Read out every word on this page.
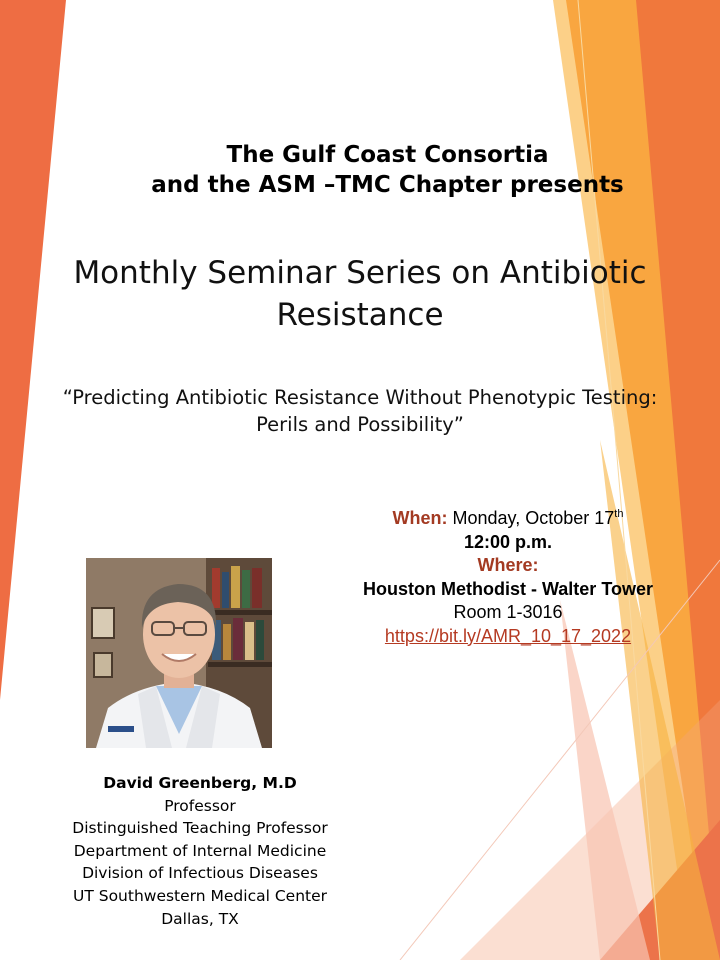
The Gulf Coast Consortia
and the ASM –TMC Chapter presents
Monthly Seminar Series on Antibiotic Resistance
“Predicting Antibiotic Resistance Without Phenotypic Testing: Perils and Possibility”
When: Monday, October 17th
12:00 p.m.
Where:
Houston Methodist - Walter Tower
Room 1-3016
https://bit.ly/AMR_10_17_2022
David Greenberg, M.D
Professor
Distinguished Teaching Professor
Department of Internal Medicine
Division of Infectious Diseases
UT Southwestern Medical Center
Dallas, TX
